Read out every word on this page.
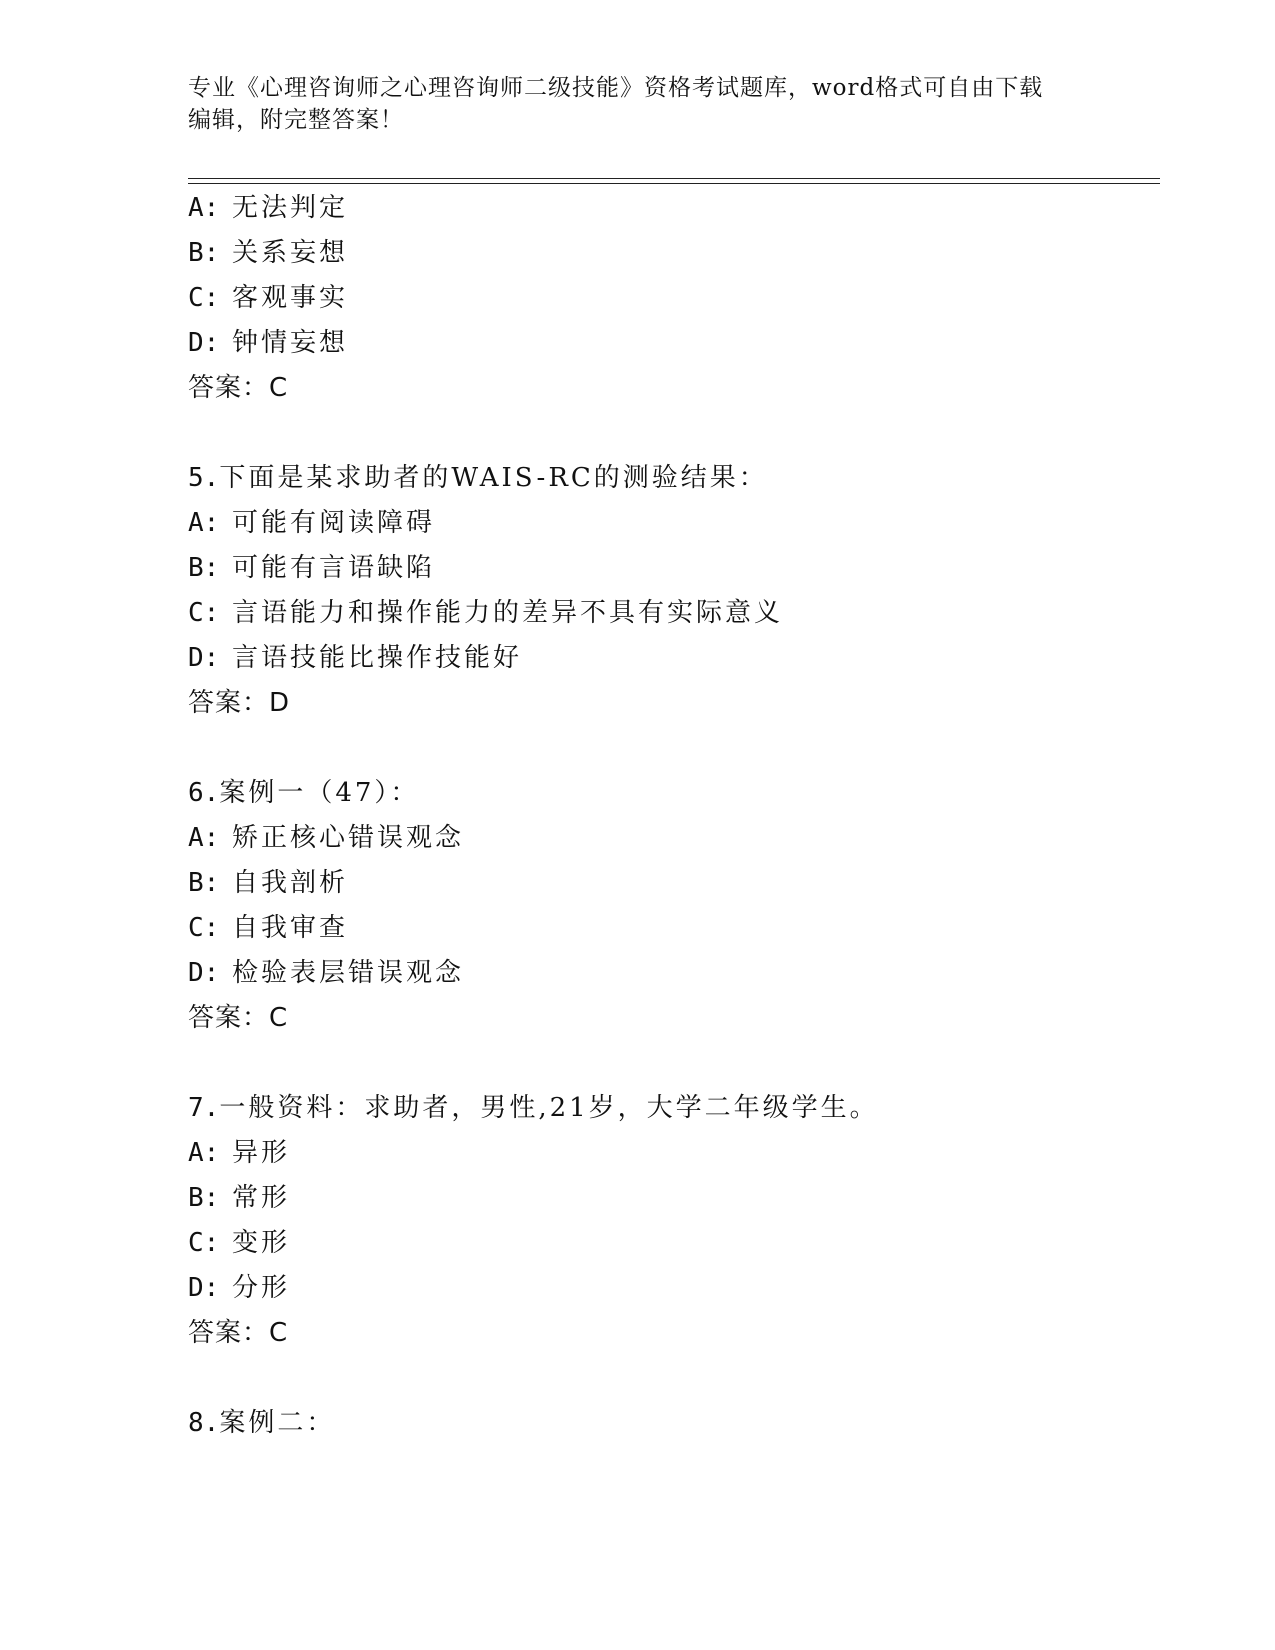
专业《心理咨询师之心理咨询师二级技能》资格考试题库，word格式可自由下载
编辑，附完整答案！
A: 无法判定
B: 关系妄想
C: 客观事实
D: 钟情妄想
答案：C
5.下面是某求助者的WAIS-RC的测验结果：
A: 可能有阅读障碍
B: 可能有言语缺陷
C: 言语能力和操作能力的差异不具有实际意义
D: 言语技能比操作技能好
答案：D
6.案例一（47）：
A: 矫正核心错误观念
B: 自我剖析
C: 自我审查
D: 检验表层错误观念
答案：C
7.一般资料：求助者，男性,21岁，大学二年级学生。
A: 异形
B: 常形
C: 变形
D: 分形
答案：C
8.案例二：
